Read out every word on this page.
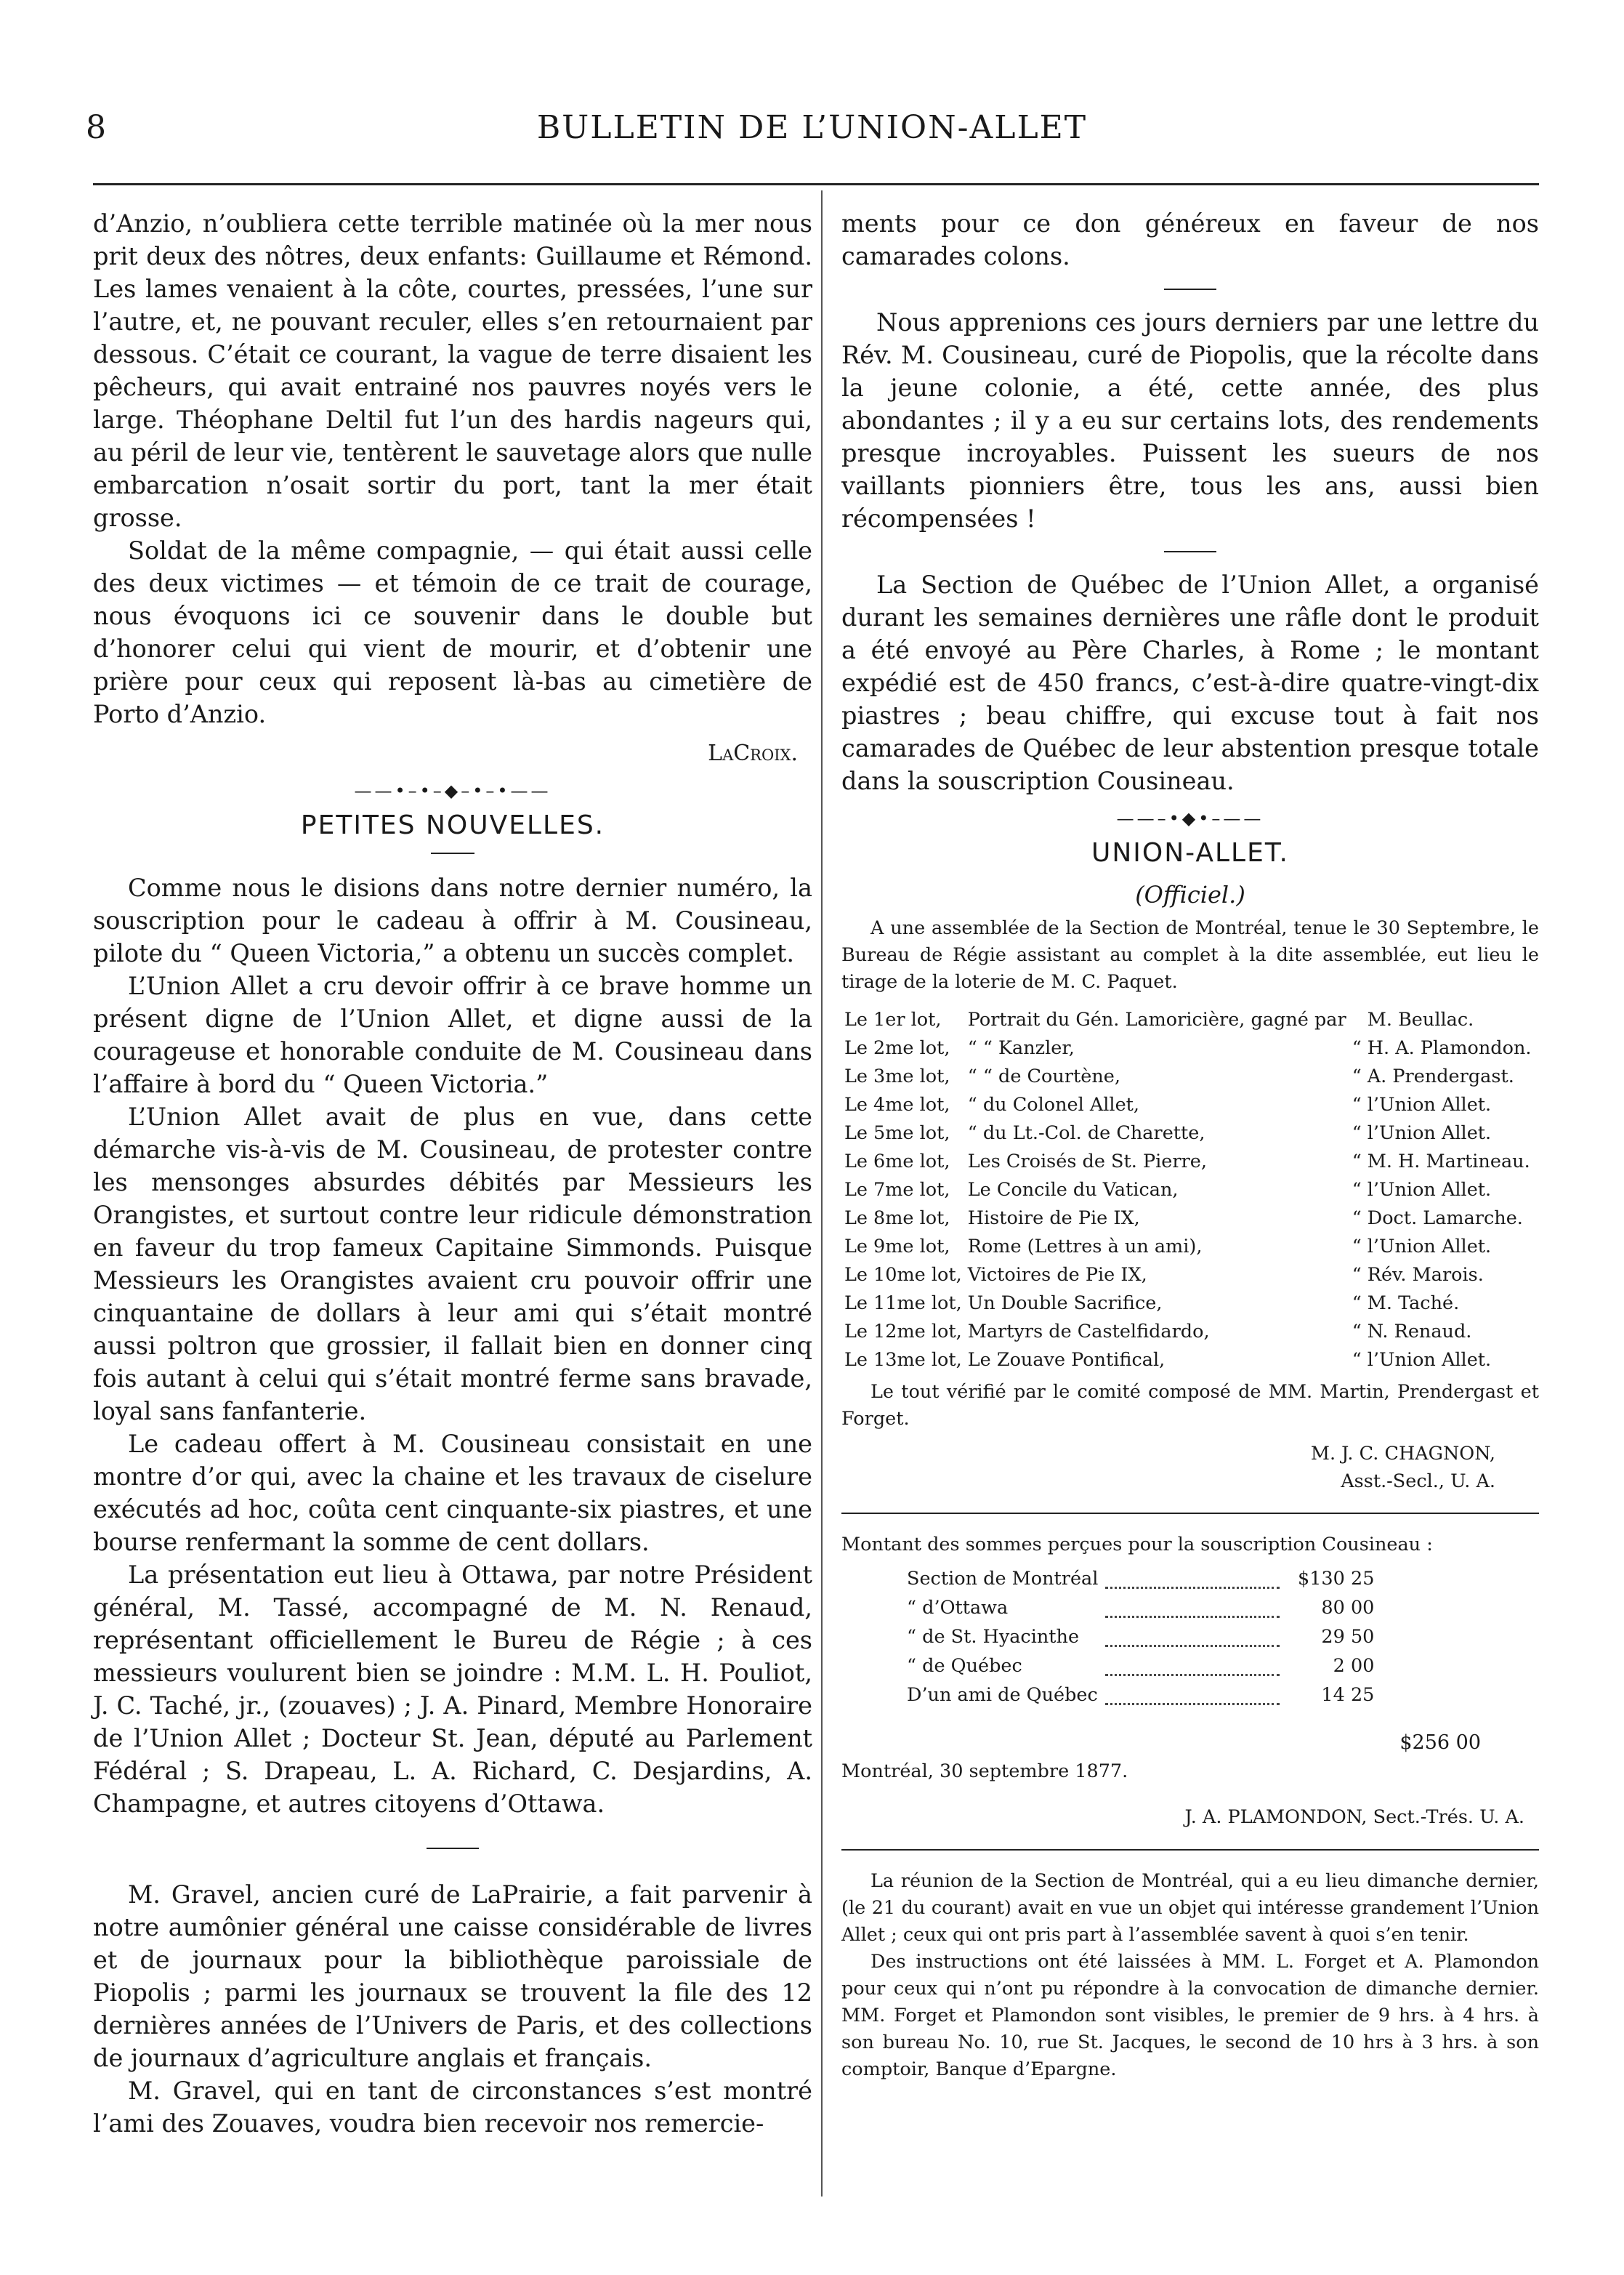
8	BULLETIN DE L’UNION-ALLET

d’Anzio, n’oubliera cette terrible matinée où la mer nous prit deux des nôtres, deux enfants: Guillaume et Rémond. Les lames venaient à la côte, courtes, pressées, l’une sur l’autre, et, ne pouvant reculer, elles s’en retournaient par dessous. C’était ce courant, la vague de terre disaient les pêcheurs, qui avait entrainé nos pauvres noyés vers le large. Théophane Deltil fut l’un des hardis nageurs qui, au péril de leur vie, tentèrent le sauvetage alors que nulle embarcation n’osait sortir du port, tant la mer était grosse.

Soldat de la même compagnie, — qui était aussi celle des deux victimes — et témoin de ce trait de courage, nous évoquons ici ce souvenir dans le double but d’honorer celui qui vient de mourir, et d’obtenir une prière pour ceux qui reposent là-bas au cimetière de Porto d’Anzio.

LaCroix.
——•–•–◆–•–•——
PETITES NOUVELLES.

Comme nous le disions dans notre dernier numéro, la souscription pour le cadeau à offrir à M. Cousineau, pilote du “ Queen Victoria,” a obtenu un succès complet.

L’Union Allet a cru devoir offrir à ce brave homme un présent digne de l’Union Allet, et digne aussi de la courageuse et honorable conduite de M. Cousineau dans l’affaire à bord du “ Queen Victoria.”

L’Union Allet avait de plus en vue, dans cette démarche vis-à-vis de M. Cousineau, de protester contre les mensonges absurdes débités par Messieurs les Orangistes, et surtout contre leur ridicule démonstration en faveur du trop fameux Capitaine Simmonds. Puisque Messieurs les Orangistes avaient cru pouvoir offrir une cinquantaine de dollars à leur ami qui s’était montré aussi poltron que grossier, il fallait bien en donner cinq fois autant à celui qui s’était montré ferme sans bravade, loyal sans fanfanterie.

Le cadeau offert à M. Cousineau consistait en une montre d’or qui, avec la chaine et les travaux de ciselure exécutés ad hoc, coûta cent cinquante-six piastres, et une bourse renfermant la somme de cent dollars.

La présentation eut lieu à Ottawa, par notre Président général, M. Tassé, accompagné de M. N. Renaud, représentant officiellement le Bureu de Régie ; à ces messieurs voulurent bien se joindre : M.M. L. H. Pouliot, J. C. Taché, jr., (zouaves) ; J. A. Pinard, Membre Honoraire de l’Union Allet ; Docteur St. Jean, député au Parlement Fédéral ; S. Drapeau, L. A. Richard, C. Desjardins, A. Champagne, et autres citoyens d’Ottawa.

M. Gravel, ancien curé de LaPrairie, a fait parvenir à notre aumônier général une caisse considérable de livres et de journaux pour la bibliothèque paroissiale de Piopolis ; parmi les journaux se trouvent la file des 12 dernières années de l’Univers de Paris, et des collections de journaux d’agriculture anglais et français.

M. Gravel, qui en tant de circonstances s’est montré l’ami des Zouaves, voudra bien recevoir nos remercie-

ments pour ce don généreux en faveur de nos camarades colons.

Nous apprenions ces jours derniers par une lettre du Rév. M. Cousineau, curé de Piopolis, que la récolte dans la jeune colonie, a été, cette année, des plus abondantes ; il y a eu sur certains lots, des rendements presque incroyables. Puissent les sueurs de nos vaillants pionniers être, tous les ans, aussi bien récompensées !

La Section de Québec de l’Union Allet, a organisé durant les semaines dernières une râfle dont le produit a été envoyé au Père Charles, à Rome ; le montant expédié est de 450 francs, c’est-à-dire quatre-vingt-dix piastres ; beau chiffre, qui excuse tout à fait nos camarades de Québec de leur abstention presque totale dans la souscription Cousineau.

——–•◆•–——
UNION-ALLET.
(Officiel.)
A une assemblée de la Section de Montréal, tenue le 30 Septembre, le Bureau de Régie assistant au complet à la dite assemblée, eut lieu le tirage de la loterie de M. C. Paquet.
Le	1er lot,	Portrait du Gén. Lamoricière, gagné par		M. Beullac.
Le	2me lot,	“ “ Kanzler,	“	H. A. Plamondon.
Le	3me lot,	“ “ de Courtène,	“	A. Prendergast.
Le	4me lot,	“ du Colonel Allet,	“	l’Union Allet.
Le	5me lot,	“ du Lt.-Col. de Charette,	“	l’Union Allet.
Le	6me lot,	Les Croisés de St. Pierre,	“	M. H. Martineau.
Le	7me lot,	Le Concile du Vatican,	“	l’Union Allet.
Le	8me lot,	Histoire de Pie IX,	“	Doct. Lamarche.
Le	9me lot,	Rome (Lettres à un ami),	“	l’Union Allet.
Le	10me lot,	Victoires de Pie IX,	“	Rév. Marois.
Le	11me lot,	Un Double Sacrifice,	“	M. Taché.
Le	12me lot,	Martyrs de Castelfidardo,	“	N. Renaud.
Le	13me lot,	Le Zouave Pontifical,	“	l’Union Allet.
Le tout vérifié par le comité composé de MM. Martin, Prendergast et Forget.
M. J. C. CHAGNON,
Asst.-Secl., U. A.
Montant des sommes perçues pour la souscription Cousineau :
Section de Montréal		$130 25
“ d’Ottawa		80 00
“ de St. Hyacinthe		29 50
“ de Québec		2 00
D’un ami de Québec		14 25
$256 00
Montréal, 30 septembre 1877.
J. A. PLAMONDON, Sect.-Trés. U. A.
La réunion de la Section de Montréal, qui a eu lieu dimanche dernier, (le 21 du courant) avait en vue un objet qui intéresse grandement l’Union Allet ; ceux qui ont pris part à l’assemblée savent à quoi s’en tenir.
Des instructions ont été laissées à MM. L. Forget et A. Plamondon pour ceux qui n’ont pu répondre à la convocation de dimanche dernier. MM. Forget et Plamondon sont visibles, le premier de 9 hrs. à 4 hrs. à son bureau No. 10, rue St. Jacques, le second de 10 hrs à 3 hrs. à son comptoir, Banque d’Epargne.
